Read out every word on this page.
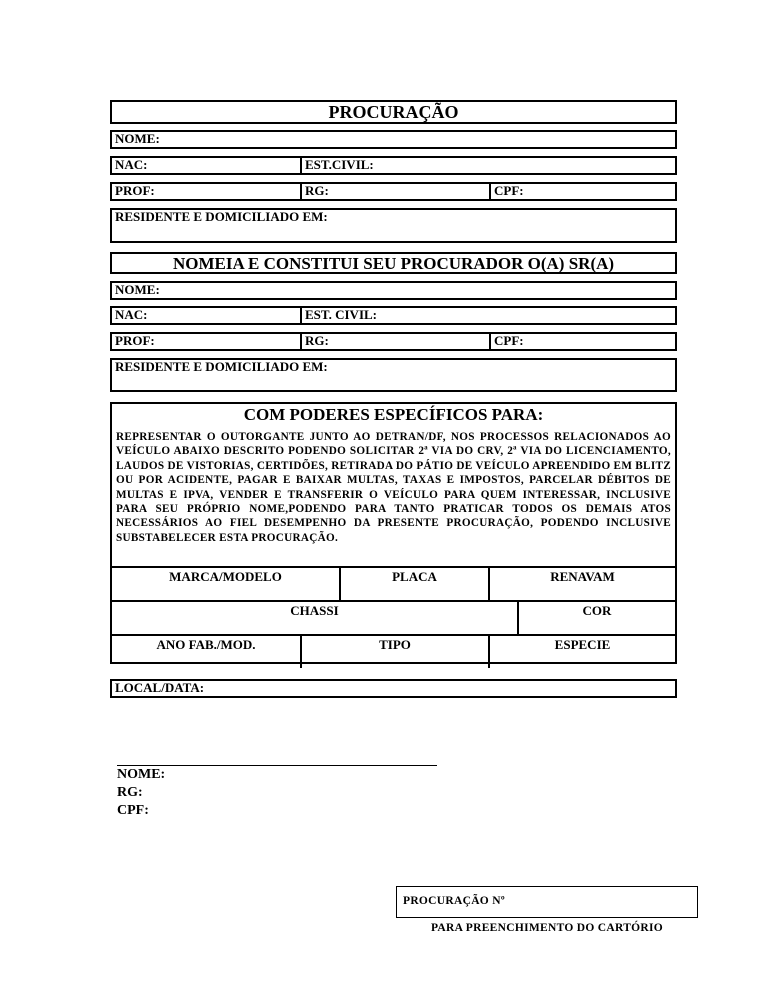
PROCURAÇÃO
NOME:
NAC:	EST.CIVIL:
PROF:	RG:	CPF:
RESIDENTE E DOMICILIADO EM:
NOMEIA E CONSTITUI SEU PROCURADOR O(A) SR(A)
NOME:
NAC:	EST. CIVIL:
PROF:	RG:	CPF:
RESIDENTE E DOMICILIADO EM:
COM PODERES ESPECÍFICOS PARA:
REPRESENTAR O OUTORGANTE JUNTO AO DETRAN/DF, NOS PROCESSOS RELACIONADOS AO VEÍCULO ABAIXO DESCRITO PODENDO SOLICITAR 2ª VIA DO CRV, 2ª VIA DO LICENCIAMENTO, LAUDOS DE VISTORIAS, CERTIDÕES, RETIRADA DO PÁTIO DE VEÍCULO APREENDIDO EM BLITZ OU POR ACIDENTE, PAGAR E BAIXAR MULTAS, TAXAS E IMPOSTOS, PARCELAR DÉBITOS DE MULTAS E IPVA, VENDER E TRANSFERIR O VEÍCULO PARA QUEM INTERESSAR, INCLUSIVE PARA SEU PRÓPRIO NOME,PODENDO PARA TANTO PRATICAR TODOS OS DEMAIS ATOS NECESSÁRIOS AO FIEL DESEMPENHO DA PRESENTE PROCURAÇÃO, PODENDO INCLUSIVE SUBSTABELECER ESTA PROCURAÇÃO.
MARCA/MODELO	PLACA	RENAVAM
CHASSI	COR
ANO FAB./MOD.	TIPO	ESPECIE
LOCAL/DATA:
NOME:
RG:
CPF:
PROCURAÇÃO Nº
PARA PREENCHIMENTO DO CARTÓRIO
